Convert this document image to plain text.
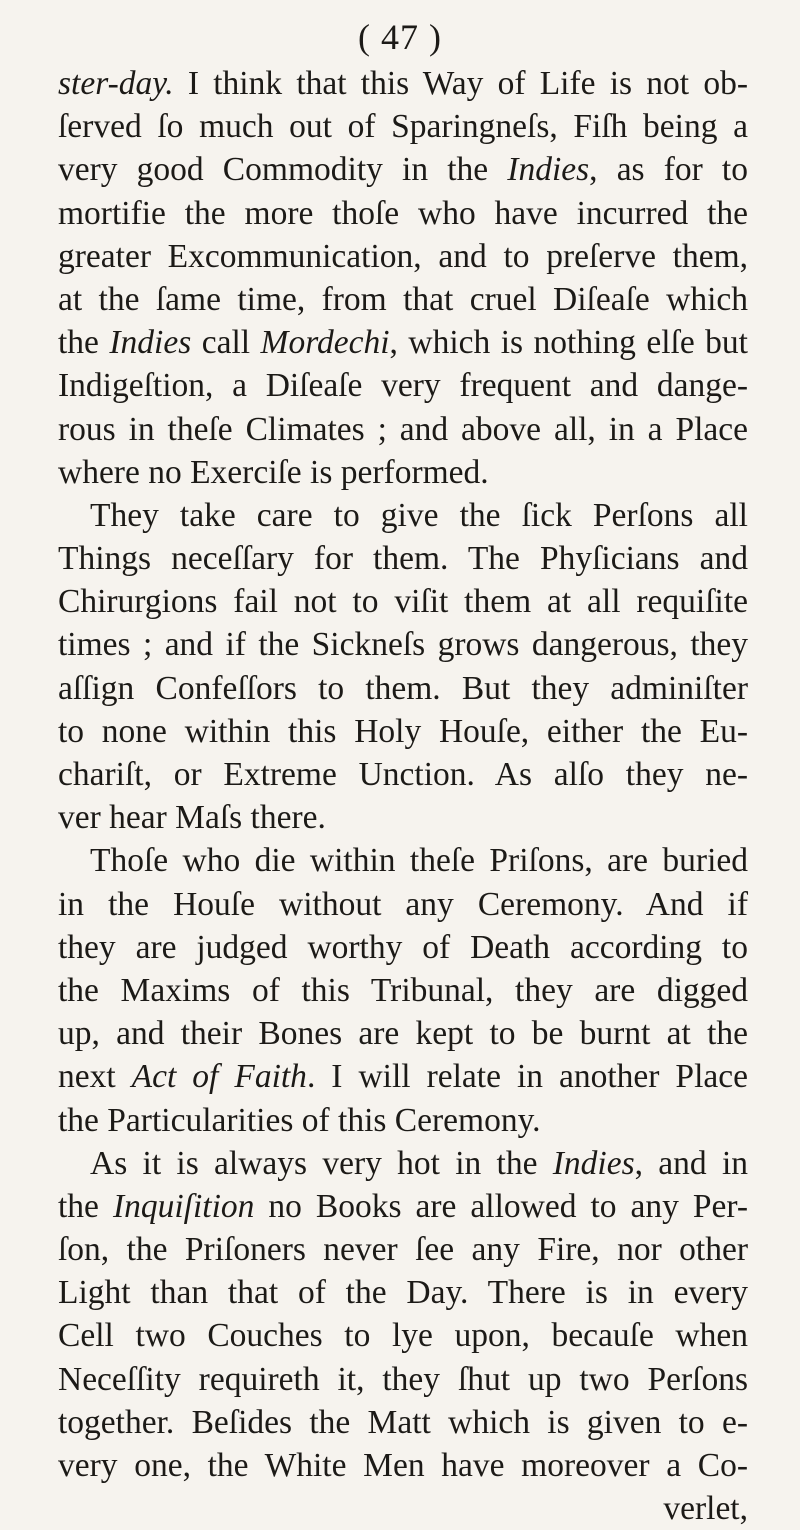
( 47 )
ster-day. I think that this Way of Life is not ob-
ſerved ſo much out of Sparingneſs, Fiſh being a
very good Commodity in the Indies, as for to
mortifie the more thoſe who have incurred the
greater Excommunication, and to preſerve them,
at the ſame time, from that cruel Diſeaſe which
the Indies call Mordechi, which is nothing elſe but
Indigeſtion, a Diſeaſe very frequent and dange-
rous in theſe Climates ; and above all, in a Place
where no Exerciſe is performed.
They take care to give the ſick Perſons all
Things neceſſary for them. The Phyſicians and
Chirurgions fail not to viſit them at all requiſite
times ; and if the Sickneſs grows dangerous, they
aſſign Confeſſors to them. But they adminiſter
to none within this Holy Houſe, either the Eu-
chariſt, or Extreme Unction. As alſo they ne-
ver hear Maſs there.
Thoſe who die within theſe Priſons, are buried
in the Houſe without any Ceremony. And if
they are judged worthy of Death according to
the Maxims of this Tribunal, they are digged
up, and their Bones are kept to be burnt at the
next Act of Faith. I will relate in another Place
the Particularities of this Ceremony.
As it is always very hot in the Indies, and in
the Inquiſition no Books are allowed to any Per-
ſon, the Priſoners never ſee any Fire, nor other
Light than that of the Day. There is in every
Cell two Couches to lye upon, becauſe when
Neceſſity requireth it, they ſhut up two Perſons
together. Beſides the Matt which is given to e-
very one, the White Men have moreover a Co-
verlet,
